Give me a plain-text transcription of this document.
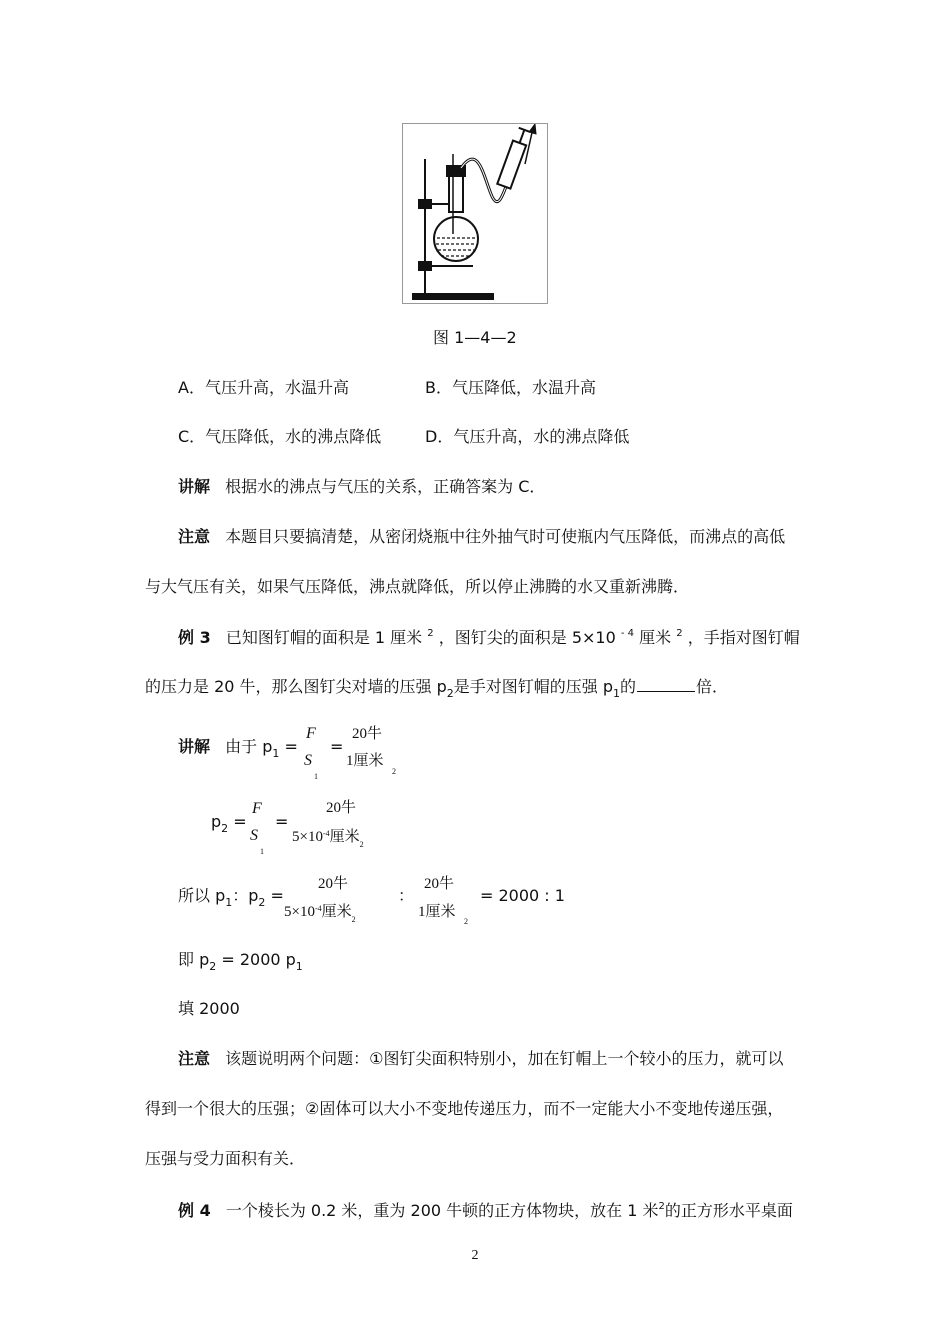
图 1—4—2
A．气压升高，水温升高	B．气压降低，水温升高
C．气压降低，水的沸点降低	D．气压升高，水的沸点降低
讲解 根据水的沸点与气压的关系，正确答案为 C．
注意 本题目只要搞清楚，从密闭烧瓶中往外抽气时可使瓶内气压降低，而沸点的高低
与大气压有关，如果气压降低，沸点就降低，所以停止沸腾的水又重新沸腾．
例 3 已知图钉帽的面积是 1 厘米 $^2$ ，图钉尖的面积是 5×10 $^{- 4}$ 厘米 $^2$ ，手指对图钉帽
的压力是 20 牛，那么图钉尖对墙的压强 $p_2$是手对图钉帽的压强 $p_1$的	倍．
讲解 由于 $p_1$ =
F
S
1
=
20牛
1厘米
2
$p_2$ =
F
S
1
=
20牛
$5\times 10^{-4}$厘米$_2$
所以 $p_1$：$p_2$ =
20牛
$5\times 10^{-4}$厘米$_2$
：
20牛
1厘米
2
= 2000 : 1
即 $p_2 = 2000$ $p_1$
填 2000
注意 该题说明两个问题：①图钉尖面积特别小，加在钉帽上一个较小的压力，就可以
得到一个很大的压强；②固体可以大小不变地传递压力，而不一定能大小不变地传递压强，
压强与受力面积有关．
例 4 一个棱长为 0.2 米，重为 200 牛顿的正方体物块，放在 1 米$^2$的正方形水平桌面
2
